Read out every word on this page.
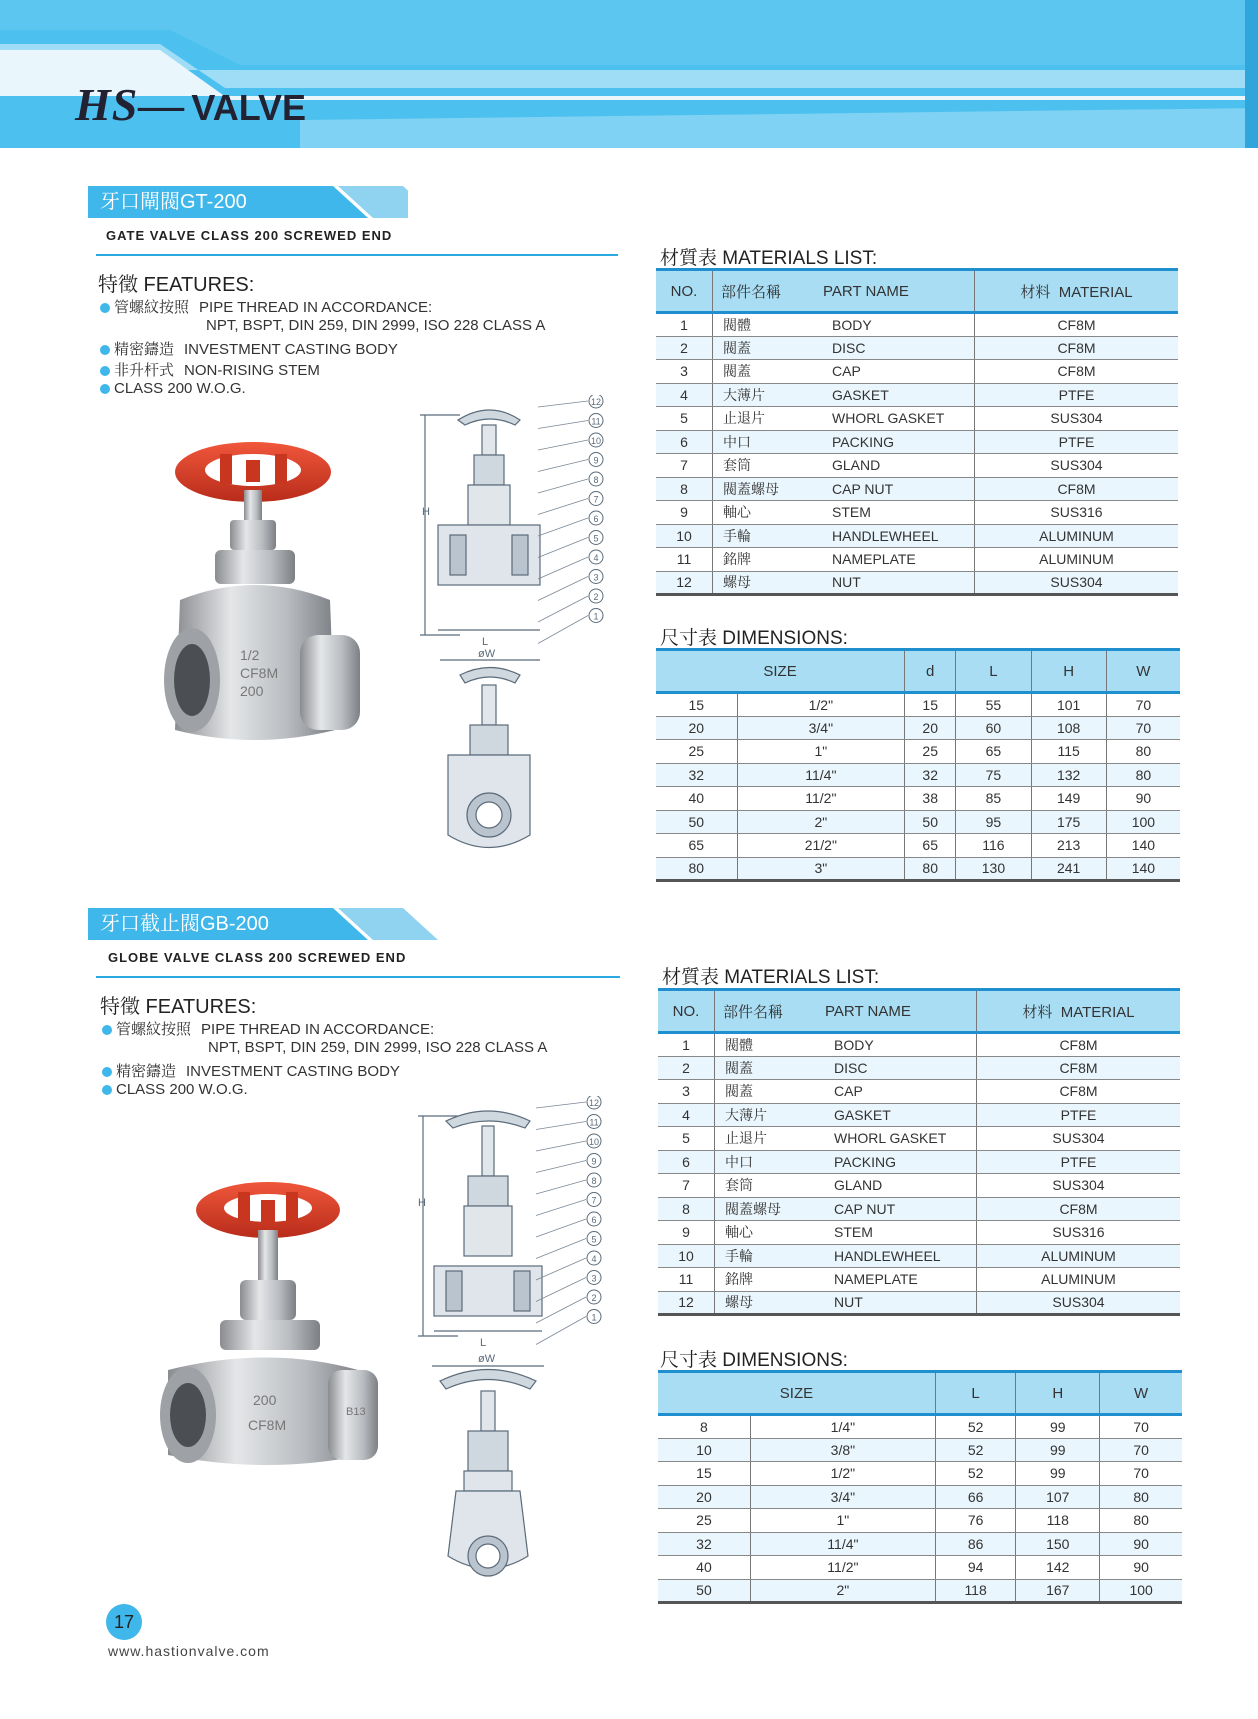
HS— VALVE
牙口閘閥GT-200
GATE VALVE CLASS 200 SCREWED END
特徵 FEATURES:
管螺紋按照 PIPE THREAD IN ACCORDANCE:
NPT, BSPT, DIN 259, DIN 2999, ISO 228 CLASS A
精密鑄造 INVESTMENT CASTING BODY
非升杆式 NON-RISING STEM
CLASS 200 W.O.G.
1/2
CF8M
200
H
L
øW
12
11
10
9
8
7
6
5
4
3
2
1
材質表 MATERIALS LIST:
NO.	部件名稱	PART NAME	材料 MATERIAL
1	閥體	BODY	CF8M
2	閥蓋	DISC	CF8M
3	閥蓋	CAP	CF8M
4	大薄片	GASKET	PTFE
5	止退片	WHORL GASKET	SUS304
6	中口	PACKING	PTFE
7	套筒	GLAND	SUS304
8	閥蓋螺母	CAP NUT	CF8M
9	軸心	STEM	SUS316
10	手輪	HANDLEWHEEL	ALUMINUM
11	銘牌	NAMEPLATE	ALUMINUM
12	螺母	NUT	SUS304
尺寸表 DIMENSIONS:
SIZE		d	L	H	W
15	1/2"	15	55	101	70
20	3/4"	20	60	108	70
25	1"	25	65	115	80
32	11/4"	32	75	132	80
40	11/2"	38	85	149	90
50	2"	50	95	175	100
65	21/2"	65	116	213	140
80	3"	80	130	241	140
牙口截止閥GB-200
GLOBE VALVE CLASS 200 SCREWED END
特徵 FEATURES:
管螺紋按照 PIPE THREAD IN ACCORDANCE:
NPT, BSPT, DIN 259, DIN 2999, ISO 228 CLASS A
精密鑄造 INVESTMENT CASTING BODY
CLASS 200 W.O.G.
200
CF8M
B13
H
L
øW
12
11
10
9
8
7
6
5
4
3
2
1
材質表 MATERIALS LIST:
NO.	部件名稱	PART NAME	材料 MATERIAL
1	閥體	BODY	CF8M
2	閥蓋	DISC	CF8M
3	閥蓋	CAP	CF8M
4	大薄片	GASKET	PTFE
5	止退片	WHORL GASKET	SUS304
6	中口	PACKING	PTFE
7	套筒	GLAND	SUS304
8	閥蓋螺母	CAP NUT	CF8M
9	軸心	STEM	SUS316
10	手輪	HANDLEWHEEL	ALUMINUM
11	銘牌	NAMEPLATE	ALUMINUM
12	螺母	NUT	SUS304
尺寸表 DIMENSIONS:
SIZE		L	H	W
8	1/4"	52	99	70
10	3/8"	52	99	70
15	1/2"	52	99	70
20	3/4"	66	107	80
25	1"	76	118	80
32	11/4"	86	150	90
40	11/2"	94	142	90
50	2"	118	167	100
17
www.hastionvalve.com
